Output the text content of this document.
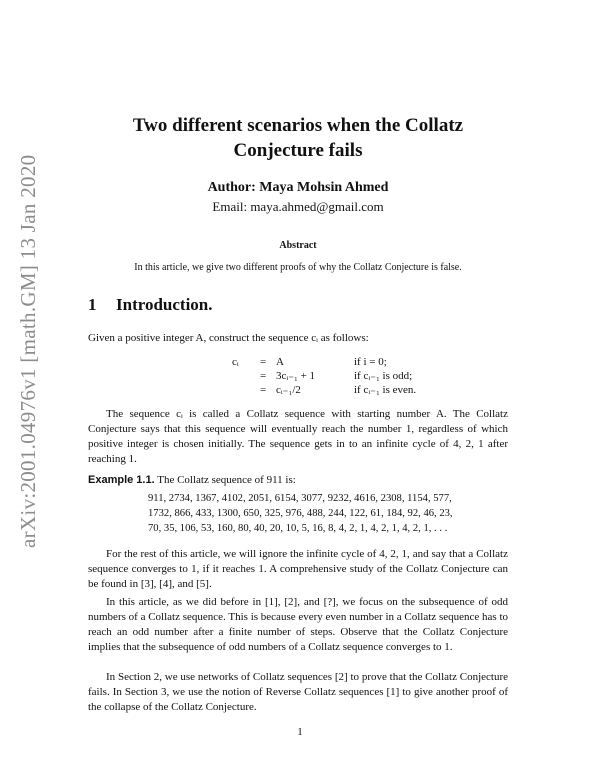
arXiv:2001.04976v1 [math.GM] 13 Jan 2020
Two different scenarios when the Collatz Conjecture fails
Author: Maya Mohsin Ahmed
Email: maya.ahmed@gmail.com
Abstract
In this article, we give two different proofs of why the Collatz Conjecture is false.
1 Introduction.
Given a positive integer A, construct the sequence cᵢ as follows:
cᵢ	= A	if i = 0;
= 3cᵢ₋₁ + 1	if cᵢ₋₁ is odd;
= cᵢ₋₁/2	if cᵢ₋₁ is even.
The sequence cᵢ is called a Collatz sequence with starting number A. The Collatz Conjecture says that this sequence will eventually reach the number 1, regardless of which positive integer is chosen initially. The sequence gets in to an infinite cycle of 4, 2, 1 after reaching 1.
Example 1.1. The Collatz sequence of 911 is:
911, 2734, 1367, 4102, 2051, 6154, 3077, 9232, 4616, 2308, 1154, 577,
1732, 866, 433, 1300, 650, 325, 976, 488, 244, 122, 61, 184, 92, 46, 23,
70, 35, 106, 53, 160, 80, 40, 20, 10, 5, 16, 8, 4, 2, 1, 4, 2, 1, 4, 2, 1, . . .
For the rest of this article, we will ignore the infinite cycle of 4, 2, 1, and say that a Collatz sequence converges to 1, if it reaches 1. A comprehensive study of the Collatz Conjecture can be found in [3], [4], and [5].
In this article, as we did before in [1], [2], and [?], we focus on the subsequence of odd numbers of a Collatz sequence. This is because every even number in a Collatz sequence has to reach an odd number after a finite number of steps. Observe that the Collatz Conjecture implies that the subsequence of odd numbers of a Collatz sequence converges to 1.
In Section 2, we use networks of Collatz sequences [2] to prove that the Collatz Conjecture fails. In Section 3, we use the notion of Reverse Collatz sequences [1] to give another proof of the collapse of the Collatz Conjecture.
1
